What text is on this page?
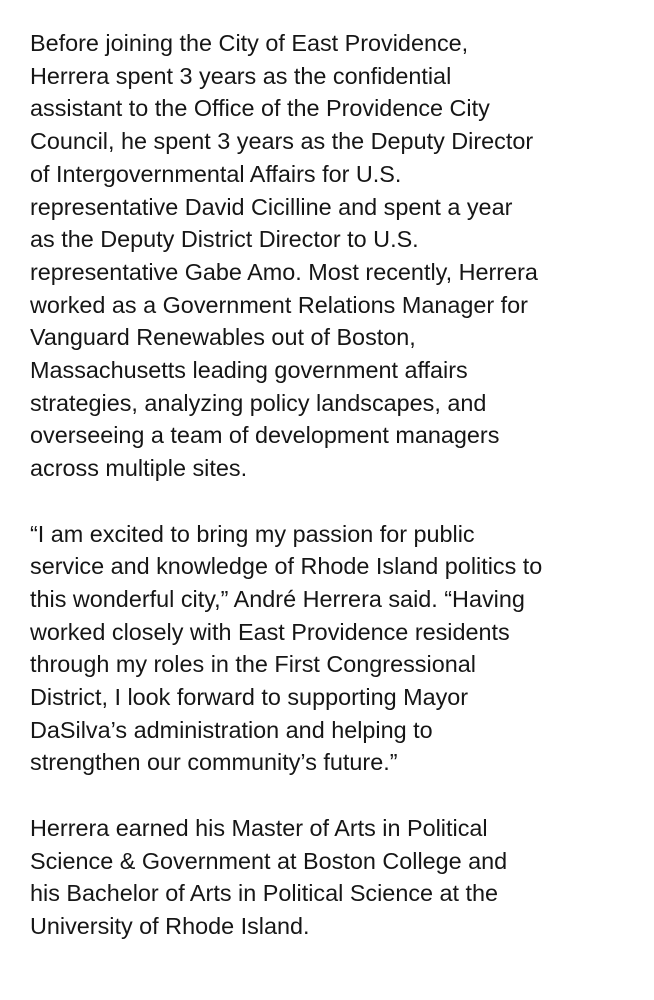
Before joining the City of East Providence,
Herrera spent 3 years as the confidential
assistant to the Office of the Providence City
Council, he spent 3 years as the Deputy Director
of Intergovernmental Affairs for U.S.
representative David Cicilline and spent a year
as the Deputy District Director to U.S.
representative Gabe Amo. Most recently, Herrera
worked as a Government Relations Manager for
Vanguard Renewables out of Boston,
Massachusetts leading government affairs
strategies, analyzing policy landscapes, and
overseeing a team of development managers
across multiple sites.

“I am excited to bring my passion for public
service and knowledge of Rhode Island politics to
this wonderful city,” André Herrera said. “Having
worked closely with East Providence residents
through my roles in the First Congressional
District, I look forward to supporting Mayor
DaSilva’s administration and helping to
strengthen our community’s future.”

Herrera earned his Master of Arts in Political
Science & Government at Boston College and
his Bachelor of Arts in Political Science at the
University of Rhode Island.
